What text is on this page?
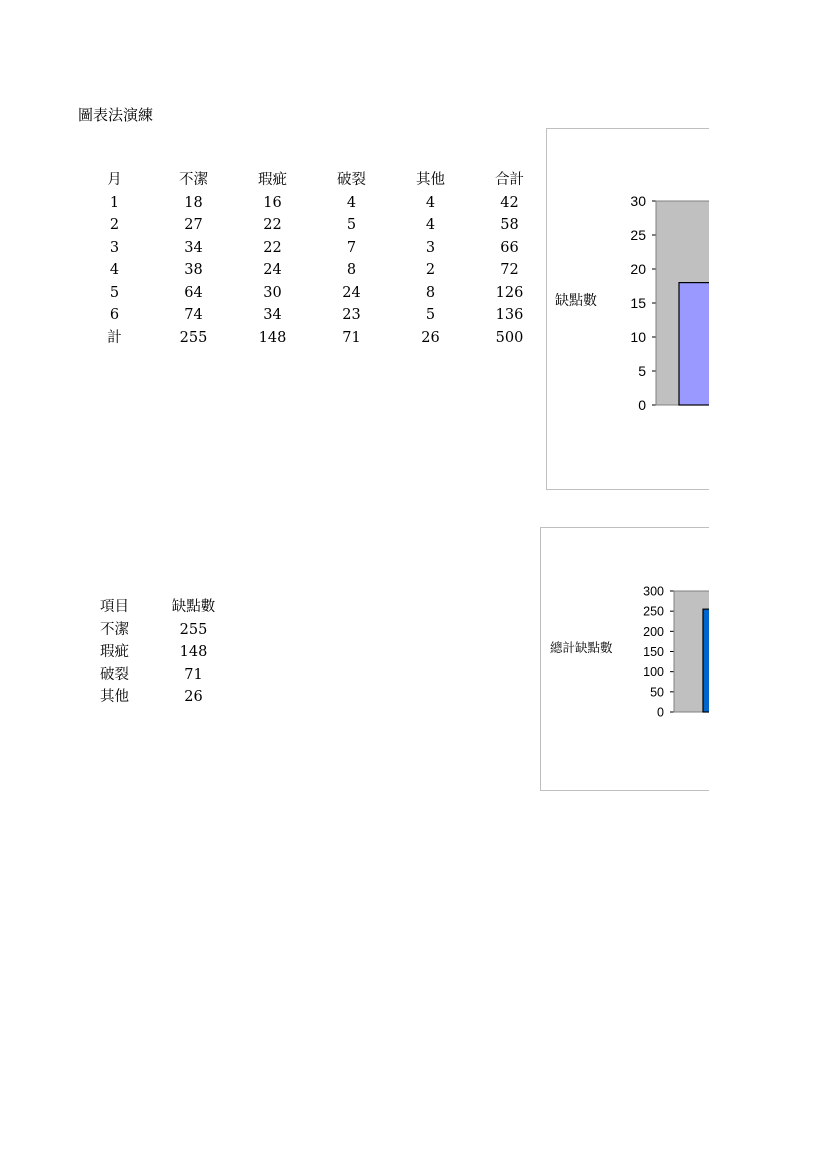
圖表法演練
月	不潔	瑕疵	破裂	其他	合計
1	18	16	4	4	42
2	27	22	5	4	58
3	34	22	7	3	66
4	38	24	8	2	72
5	64	30	24	8	126
6	74	34	23	5	136
計	255	148	71	26	500
項目	缺點數
不潔	255
瑕疵	148
破裂	71
其他	26
0
5
10
15
20
25
30
缺點數
0
50
100
150
200
250
300
總計缺點數
